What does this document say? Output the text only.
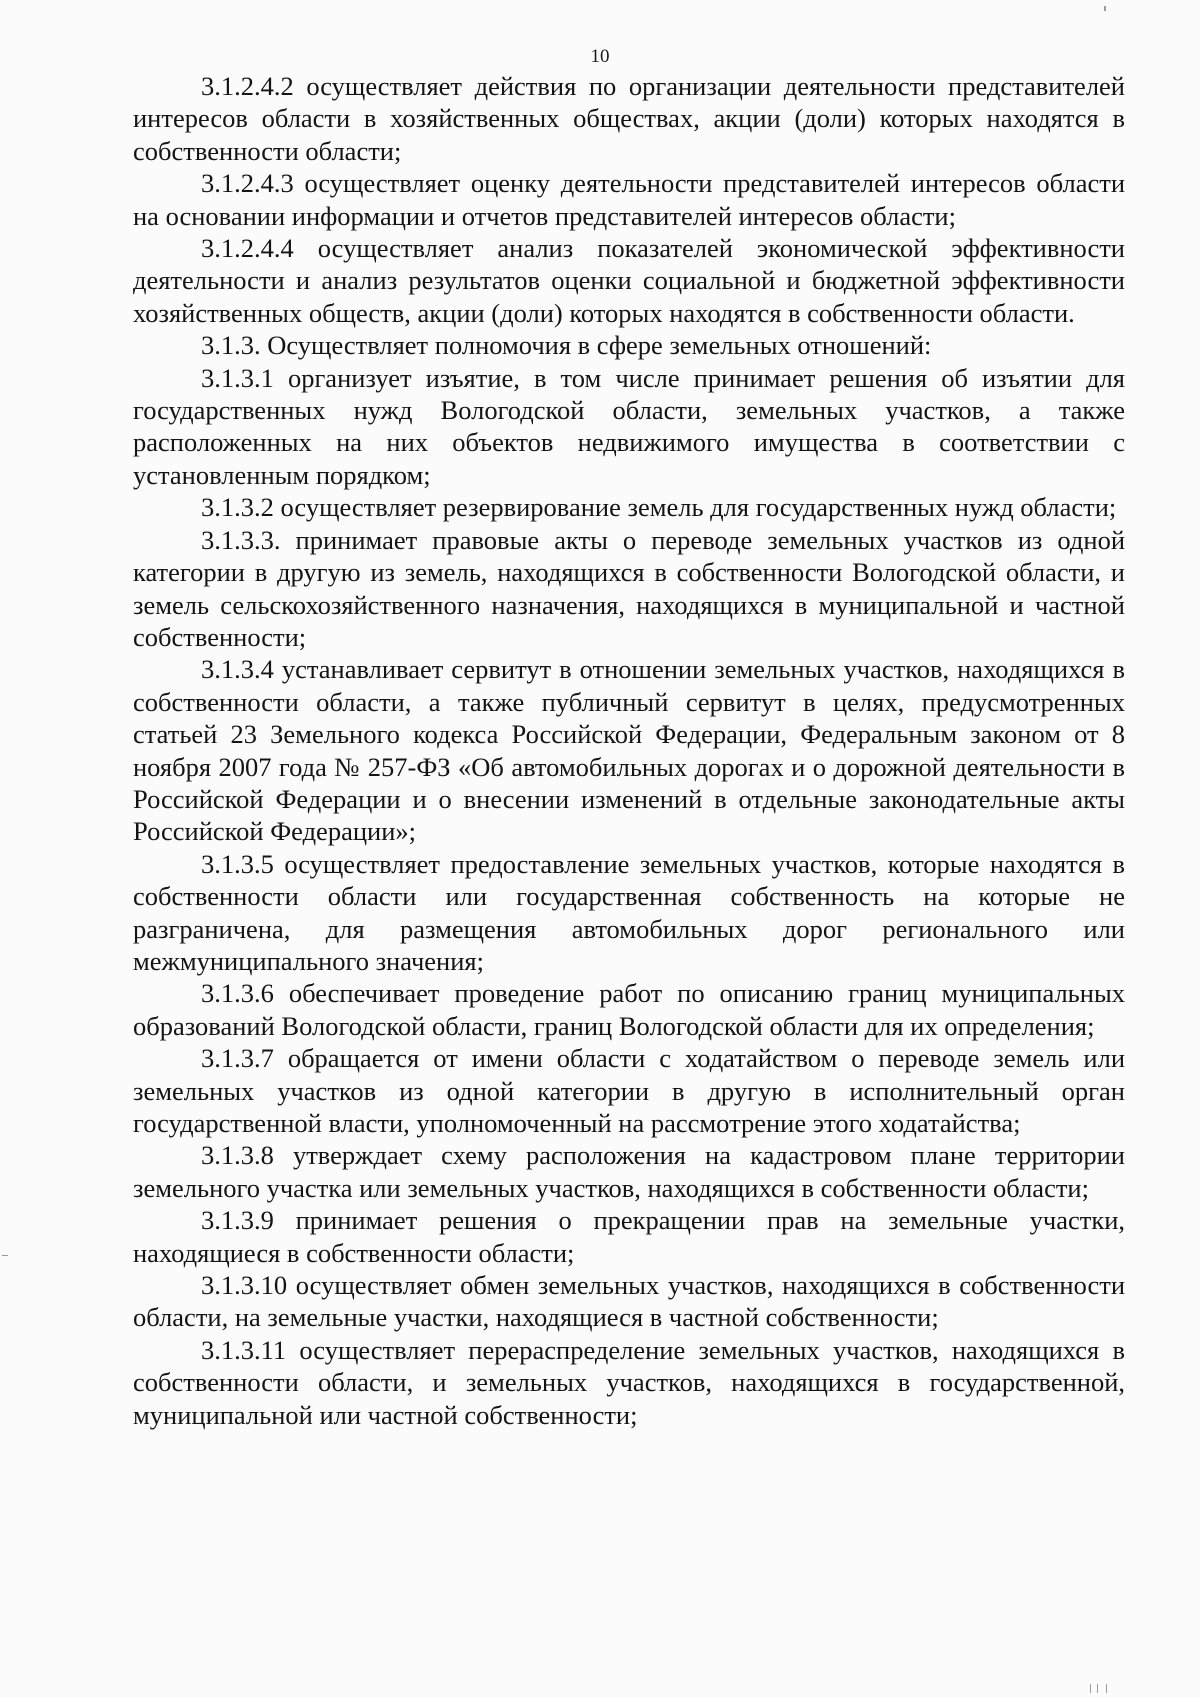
10

3.1.2.4.2 осуществляет действия по организации деятельности представителей интересов области в хозяйственных обществах, акции (доли) которых находятся в собственности области;

3.1.2.4.3 осуществляет оценку деятельности представителей интересов области на основании информации и отчетов представителей интересов области;

3.1.2.4.4 осуществляет анализ показателей экономической эффективности деятельности и анализ результатов оценки социальной и бюджетной эффективности хозяйственных обществ, акции (доли) которых находятся в собственности области.

3.1.3. Осуществляет полномочия в сфере земельных отношений:

3.1.3.1 организует изъятие, в том числе принимает решения об изъятии для государственных нужд Вологодской области, земельных участков, а также расположенных на них объектов недвижимого имущества в соответствии с установленным порядком;

3.1.3.2 осуществляет резервирование земель для государственных нужд области;

3.1.3.3. принимает правовые акты о переводе земельных участков из одной категории в другую из земель, находящихся в собственности Вологодской области, и земель сельскохозяйственного назначения, находящихся в муниципальной и частной собственности;

3.1.3.4 устанавливает сервитут в отношении земельных участков, находящихся в собственности области, а также публичный сервитут в целях, предусмотренных статьей 23 Земельного кодекса Российской Федерации, Федеральным законом от 8 ноября 2007 года № 257-ФЗ «Об автомобильных дорогах и о дорожной деятельности в Российской Федерации и о внесении изменений в отдельные законодательные акты Российской Федерации»;

3.1.3.5 осуществляет предоставление земельных участков, которые находятся в собственности области или государственная собственность на которые не разграничена, для размещения автомобильных дорог регионального или межмуниципального значения;

3.1.3.6 обеспечивает проведение работ по описанию границ муниципальных образований Вологодской области, границ Вологодской области для их определения;

3.1.3.7 обращается от имени области с ходатайством о переводе земель или земельных участков из одной категории в другую в исполнительный орган государственной власти, уполномоченный на рассмотрение этого ходатайства;

3.1.3.8 утверждает схему расположения на кадастровом плане территории земельного участка или земельных участков, находящихся в собственности области;

3.1.3.9 принимает решения о прекращении прав на земельные участки, находящиеся в собственности области;

3.1.3.10 осуществляет обмен земельных участков, находящихся в собственности области, на земельные участки, находящиеся в частной собственности;

3.1.3.11 осуществляет перераспределение земельных участков, находящихся в собственности области, и земельных участков, находящихся в государственной, муниципальной или частной собственности;
